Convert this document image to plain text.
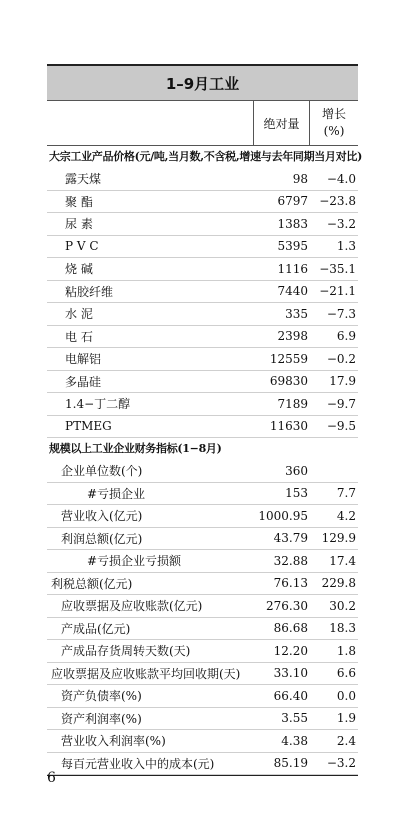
1–9月工业
绝对量
增长
(%)
大宗工业产品价格(元/吨,当月数,不含税,增速与去年同期当月对比)
露天煤	98	−4.0
聚 酯	6797 −23.8
尿 素	1383	−3.2
P V C	5395	1.3
烧 碱	1116 −35.1
粘胶纤维	7440 −21.1
水 泥	335	−7.3
电 石	2398	6.9
电解铝	12559	−0.2
多晶硅	69830	17.9
1.4−丁二醇	7189	−9.7
PTMEG	11630	−9.5
规模以上工业企业财务指标(1−8月)
企业单位数(个)	360
#亏损企业	153	7.7
营业收入(亿元)	1000.95	4.2
利润总额(亿元)	43.79	129.9
#亏损企业亏损额	32.88	17.4
利税总额(亿元)	76.13	229.8
应收票据及应收账款(亿元)	276.30	30.2
产成品(亿元)	86.68	18.3
产成品存货周转天数(天)	12.20	1.8
应收票据及应收账款平均回收期(天)	33.10	6.6
资产负债率(%)	66.40	0.0
资产利润率(%)	3.55	1.9
营业收入利润率(%)	4.38	2.4
每百元营业收入中的成本(元)	85.19	−3.2
6
